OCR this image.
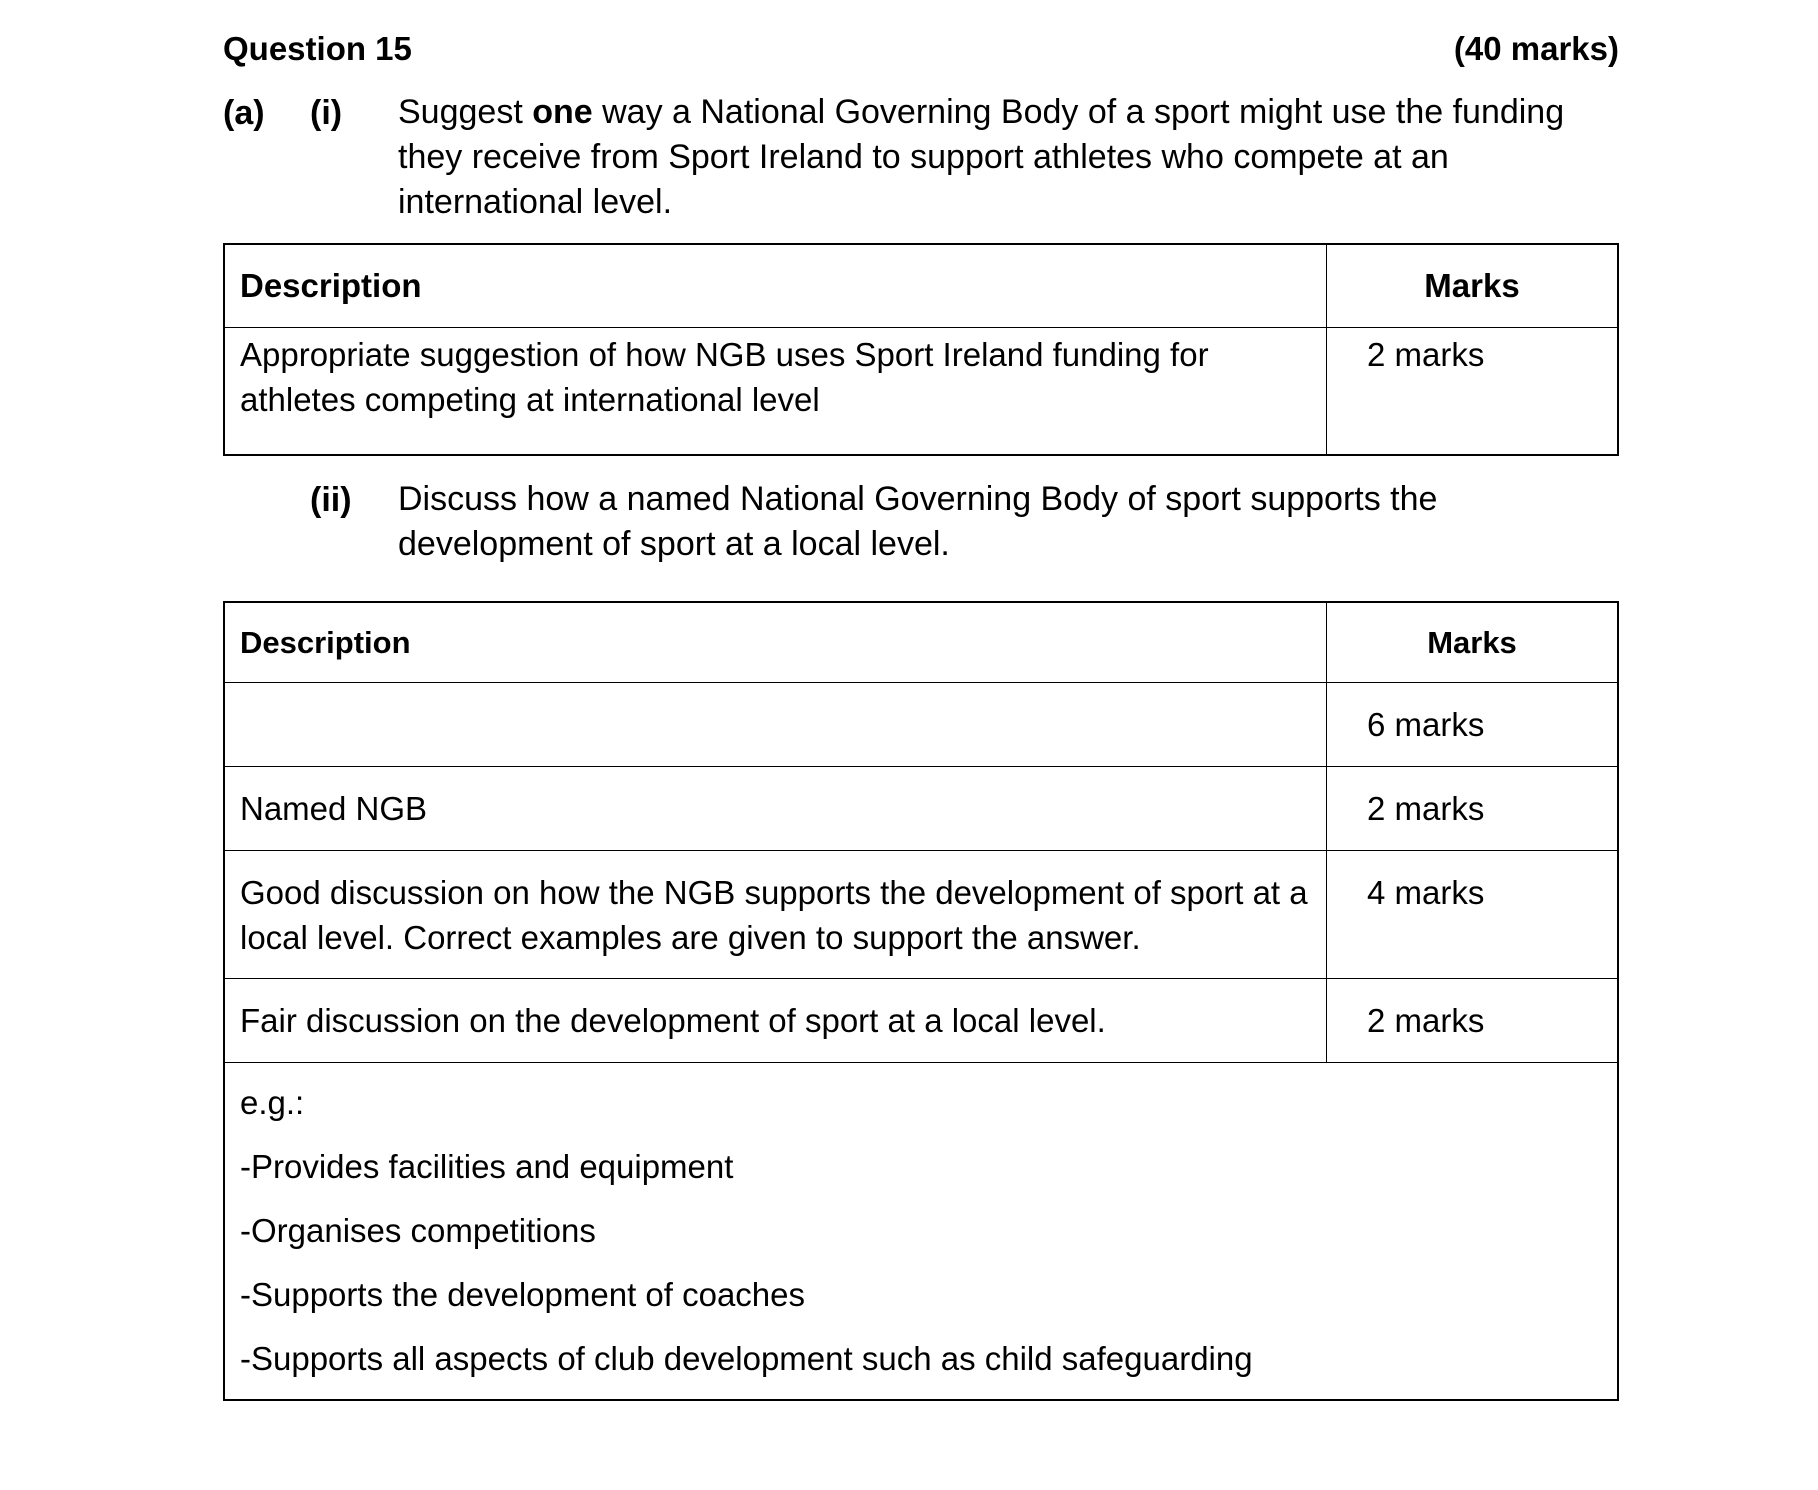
Question 15	(40 marks)
(a) (i) Suggest one way a National Governing Body of a sport might use the funding they receive from Sport Ireland to support athletes who compete at an international level.
Description	Marks
Appropriate suggestion of how NGB uses Sport Ireland funding for athletes competing at international level	2 marks
(ii) Discuss how a named National Governing Body of sport supports the development of sport at a local level.
Description	Marks
	6 marks
Named NGB	2 marks
Good discussion on how the NGB supports the development of sport at a local level. Correct examples are given to support the answer.	4 marks
Fair discussion on the development of sport at a local level.	2 marks

e.g.:
-Provides facilities and equipment
-Organises competitions
-Supports the development of coaches
-Supports all aspects of club development such as child safeguarding	
